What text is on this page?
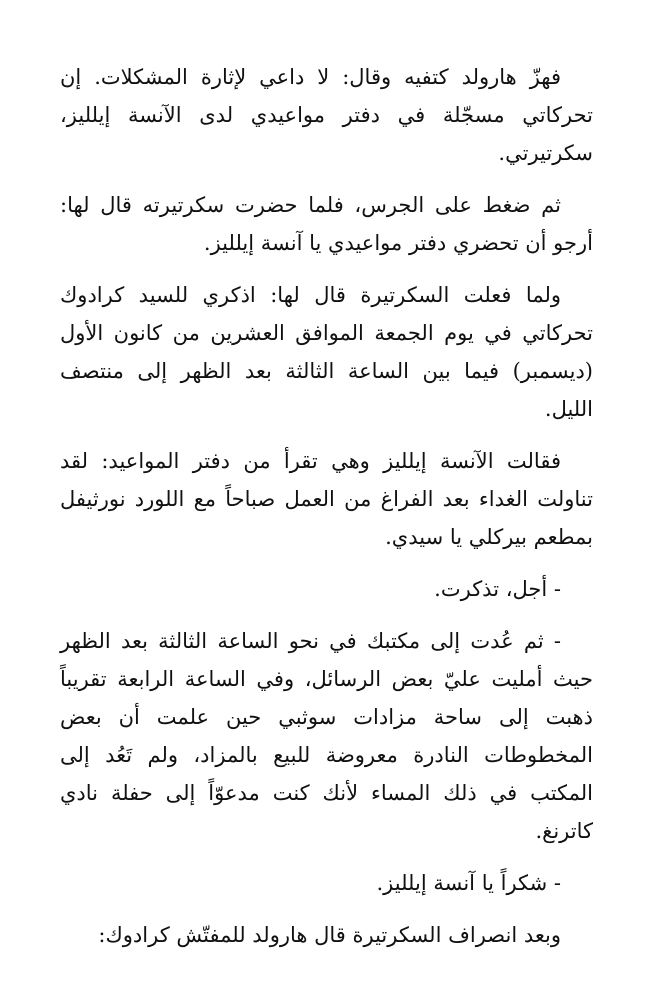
فهزّ هارولد كتفيه وقال: لا داعي لإثارة المشكلات. إن تحركاتي مسجّلة في دفتر مواعيدي لدى الآنسة إيلليز، سكرتيرتي.

ثم ضغط على الجرس، فلما حضرت سكرتيرته قال لها: أرجو أن تحضري دفتر مواعيدي يا آنسة إيلليز.

ولما فعلت السكرتيرة قال لها: اذكري للسيد كرادوك تحركاتي في يوم الجمعة الموافق العشرين من كانون الأول (ديسمبر) فيما بين الساعة الثالثة بعد الظهر إلى منتصف الليل.

فقالت الآنسة إيلليز وهي تقرأ من دفتر المواعيد: لقد تناولت الغداء بعد الفراغ من العمل صباحاً مع اللورد نورثيفل بمطعم بيركلي يا سيدي.

- أجل، تذكرت.

- ثم عُدت إلى مكتبك في نحو الساعة الثالثة بعد الظهر حيث أمليت عليّ بعض الرسائل، وفي الساعة الرابعة تقريباً ذهبت إلى ساحة مزادات سوثبي حين علمت أن بعض المخطوطات النادرة معروضة للبيع بالمزاد، ولم تَعُد إلى المكتب في ذلك المساء لأنك كنت مدعوّاً إلى حفلة نادي كاترنغ.

- شكراً يا آنسة إيلليز.

وبعد انصراف السكرتيرة قال هارولد للمفتّش كرادوك:
